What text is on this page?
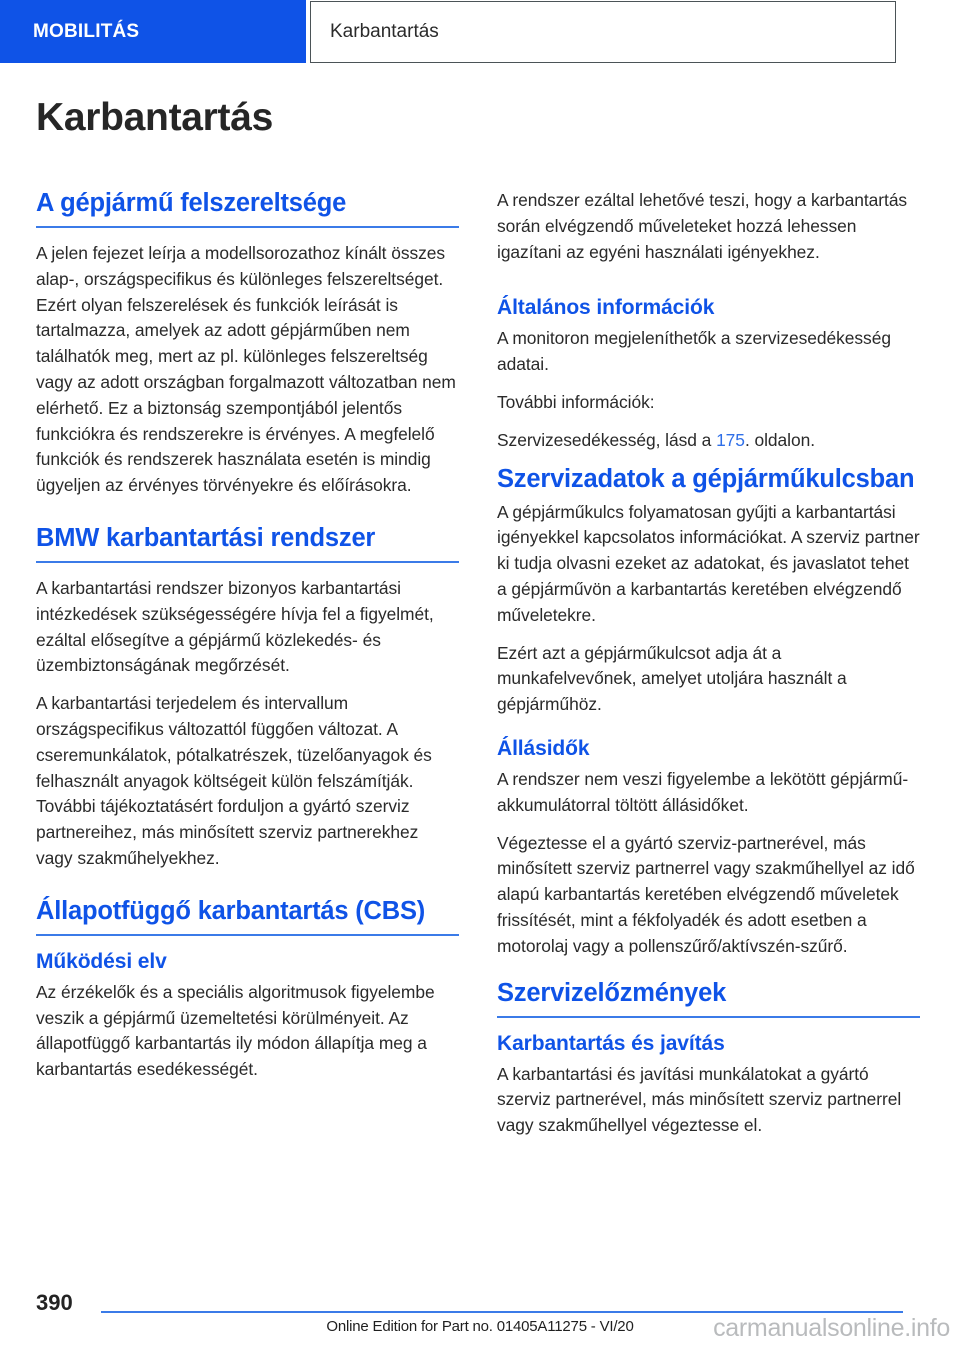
MOBILITÁS	Karbantartás
Karbantartás
A gépjármű felszereltsége

A jelen fejezet leírja a modellsorozathoz kínált összes alap-, országspecifikus és különleges felszereltséget. Ezért olyan felszerelések és funkciók leírását is tartalmazza, amelyek az adott gépjárműben nem találhatók meg, mert az pl. különleges felszereltség vagy az adott országban forgalmazott változatban nem elérhető. Ez a biztonság szempontjából jelentős funkciókra és rendszerekre is érvényes. A megfelelő funkciók és rendszerek használata esetén is mindig ügyeljen az érvényes törvényekre és előírásokra.

BMW karbantartási rendszer

A karbantartási rendszer bizonyos karbantartási intézkedések szükségességére hívja fel a figyelmét, ezáltal elősegítve a gépjármű közlekedés- és üzembiztonságának megőrzését.

A karbantartási terjedelem és intervallum országspecifikus változattól függően változat. A cseremunkálatok, pótalkatrészek, tüzelőanyagok és felhasznált anyagok költségeit külön felszámítják. További tájékoztatásért forduljon a gyártó szerviz partnereihez, más minősített szerviz partnerekhez vagy szakműhelyekhez.

Állapotfüggő karbantartás (CBS)
Működési elv

Az érzékelők és a speciális algoritmusok figyelembe veszik a gépjármű üzemeltetési körülményeit. Az állapotfüggő karbantartás ily módon állapítja meg a karbantartás esedékességét.

A rendszer ezáltal lehetővé teszi, hogy a karbantartás során elvégzendő műveleteket hozzá lehessen igazítani az egyéni használati igényekhez.

Általános információk

A monitoron megjeleníthetők a szervizesedékesség adatai.

További információk:

Szervizesedékesség, lásd a 175. oldalon.

Szervizadatok a gépjárműkulcsban

A gépjárműkulcs folyamatosan gyűjti a karbantartási igényekkel kapcsolatos információkat. A szerviz partner ki tudja olvasni ezeket az adatokat, és javaslatot tehet a gépjárművön a karbantartás keretében elvégzendő műveletekre.

Ezért azt a gépjárműkulcsot adja át a munkafelvevőnek, amelyet utoljára használt a gépjárműhöz.

Állásidők

A rendszer nem veszi figyelembe a lekötött gépjármű-akkumulátorral töltött állásidőket.

Végeztesse el a gyártó szerviz-partnerével, más minősített szerviz partnerrel vagy szakműhellyel az idő alapú karbantartás keretében elvégzendő műveletek frissítését, mint a fékfolyadék és adott esetben a motorolaj vagy a pollenszűrő/aktívszén-szűrő.

Szervizelőzmények
Karbantartás és javítás

A karbantartási és javítási munkálatokat a gyártó szerviz partnerével, más minősített szerviz partnerrel vagy szakműhellyel végeztesse el.

390
Online Edition for Part no. 01405A11275 - VI/20	carmanualsonline.info
